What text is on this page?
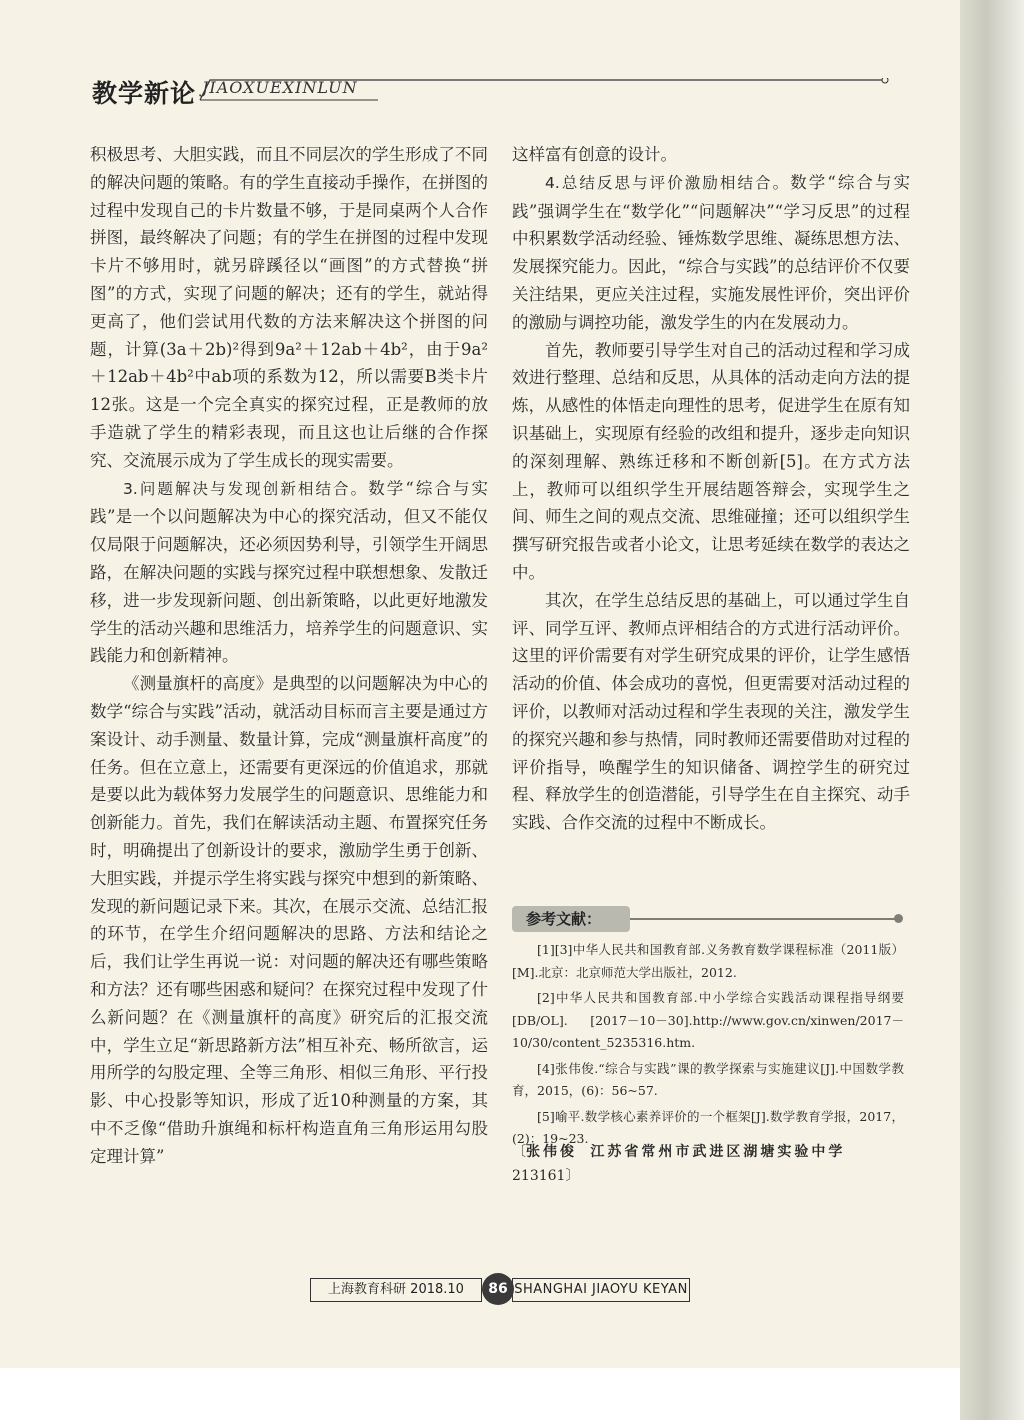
教学新论 JIAOXUEXINLUN

积极思考、大胆实践，而且不同层次的学生形成了不同的解决问题的策略。有的学生直接动手操作，在拼图的过程中发现自己的卡片数量不够，于是同桌两个人合作拼图，最终解决了问题；有的学生在拼图的过程中发现卡片不够用时，就另辟蹊径以“画图”的方式替换“拼图”的方式，实现了问题的解决；还有的学生，就站得更高了，他们尝试用代数的方法来解决这个拼图的问题，计算(3a＋2b)²得到9a²＋12ab＋4b²，由于9a²＋12ab＋4b²中ab项的系数为12，所以需要B类卡片12张。这是一个完全真实的探究过程，正是教师的放手造就了学生的精彩表现，而且这也让后继的合作探究、交流展示成为了学生成长的现实需要。

3.问题解决与发现创新相结合。数学“综合与实践”是一个以问题解决为中心的探究活动，但又不能仅仅局限于问题解决，还必须因势利导，引领学生开阔思路，在解决问题的实践与探究过程中联想想象、发散迁移，进一步发现新问题、创出新策略，以此更好地激发学生的活动兴趣和思维活力，培养学生的问题意识、实践能力和创新精神。

《测量旗杆的高度》是典型的以问题解决为中心的数学“综合与实践”活动，就活动目标而言主要是通过方案设计、动手测量、数量计算，完成“测量旗杆高度”的任务。但在立意上，还需要有更深远的价值追求，那就是要以此为载体努力发展学生的问题意识、思维能力和创新能力。首先，我们在解读活动主题、布置探究任务时，明确提出了创新设计的要求，激励学生勇于创新、大胆实践，并提示学生将实践与探究中想到的新策略、发现的新问题记录下来。其次，在展示交流、总结汇报的环节，在学生介绍问题解决的思路、方法和结论之后，我们让学生再说一说：对问题的解决还有哪些策略和方法？还有哪些困惑和疑问？在探究过程中发现了什么新问题？在《测量旗杆的高度》研究后的汇报交流中，学生立足“新思路新方法”相互补充、畅所欲言，运用所学的勾股定理、全等三角形、相似三角形、平行投影、中心投影等知识，形成了近10种测量的方案，其中不乏像“借助升旗绳和标杆构造直角三角形运用勾股定理计算”

这样富有创意的设计。

4.总结反思与评价激励相结合。数学“综合与实践”强调学生在“数学化”“问题解决”“学习反思”的过程中积累数学活动经验、锤炼数学思维、凝练思想方法、发展探究能力。因此，“综合与实践”的总结评价不仅要关注结果，更应关注过程，实施发展性评价，突出评价的激励与调控功能，激发学生的内在发展动力。

首先，教师要引导学生对自己的活动过程和学习成效进行整理、总结和反思，从具体的活动走向方法的提炼，从感性的体悟走向理性的思考，促进学生在原有知识基础上，实现原有经验的改组和提升，逐步走向知识的深刻理解、熟练迁移和不断创新[5]。在方式方法上，教师可以组织学生开展结题答辩会，实现学生之间、师生之间的观点交流、思维碰撞；还可以组织学生撰写研究报告或者小论文，让思考延续在数学的表达之中。

其次，在学生总结反思的基础上，可以通过学生自评、同学互评、教师点评相结合的方式进行活动评价。这里的评价需要有对学生研究成果的评价，让学生感悟活动的价值、体会成功的喜悦，但更需要对活动过程的评价，以教师对活动过程和学生表现的关注，激发学生的探究兴趣和参与热情，同时教师还需要借助对过程的评价指导，唤醒学生的知识储备、调控学生的研究过程、释放学生的创造潜能，引导学生在自主探究、动手实践、合作交流的过程中不断成长。

参考文献：

[1][3]中华人民共和国教育部.义务教育数学课程标准（2011版）[M].北京：北京师范大学出版社，2012.

[2]中华人民共和国教育部.中小学综合实践活动课程指导纲要 [DB/OL]. [2017－10－30].http://www.gov.cn/xinwen/2017－10/30/content_5235316.htm.

[4]张伟俊.“综合与实践”课的教学探索与实施建议[J].中国数学教育，2015，(6)：56~57.

[5]喻平.数学核心素养评价的一个框架[J].数学教育学报，2017，(2)：19~23.

〔张伟俊 江苏省常州市武进区湖塘实验中学
213161〕
上海教育科研 2018.10	SHANGHAI JIAOYU KEYAN
86
